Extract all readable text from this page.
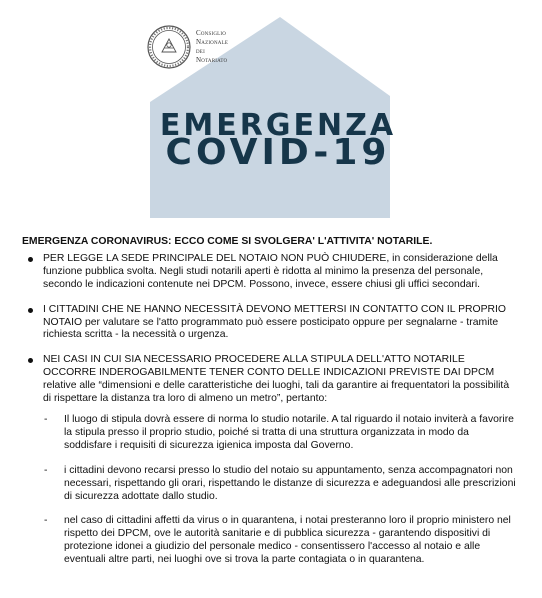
Consiglio
Nazionale
dei
Notariato
EMERGENZA
COVID-19
EMERGENZA CORONAVIRUS: ECCO COME SI SVOLGERA' L'ATTIVITA' NOTARILE.
PER LEGGE LA SEDE PRINCIPALE DEL NOTAIO NON PUÒ CHIUDERE, in considerazione della funzione pubblica svolta. Negli studi notarili aperti è ridotta al minimo la presenza del personale, secondo le indicazioni contenute nei DPCM. Possono, invece, essere chiusi gli uffici secondari.
I CITTADINI CHE NE HANNO NECESSITÀ DEVONO METTERSI IN CONTATTO CON IL PROPRIO NOTAIO per valutare se l'atto programmato può essere posticipato oppure per segnalarne - tramite richiesta scritta - la necessità o urgenza.
NEI CASI IN CUI SIA NECESSARIO PROCEDERE ALLA STIPULA DELL'ATTO NOTARILE OCCORRE INDEROGABILMENTE TENER CONTO DELLE INDICAZIONI PREVISTE DAI DPCM relative alle “dimensioni e delle caratteristiche dei luoghi, tali da garantire ai frequentatori la possibilità di rispettare la distanza tra loro di almeno un metro”, pertanto:
- Il luogo di stipula dovrà essere di norma lo studio notarile. A tal riguardo il notaio inviterà a favorire la stipula presso il proprio studio, poiché si tratta di una struttura organizzata in modo da soddisfare i requisiti di sicurezza igienica imposta dal Governo.
- i cittadini devono recarsi presso lo studio del notaio su appuntamento, senza accompagnatori non necessari, rispettando gli orari, rispettando le distanze di sicurezza e adeguandosi alle prescrizioni di sicurezza adottate dallo studio.
- nel caso di cittadini affetti da virus o in quarantena, i notai presteranno loro il proprio ministero nel rispetto dei DPCM, ove le autorità sanitarie e di pubblica sicurezza - garantendo dispositivi di protezione idonei a giudizio del personale medico - consentissero l'accesso al notaio e alle eventuali altre parti, nei luoghi ove si trova la parte contagiata o in quarantena.
